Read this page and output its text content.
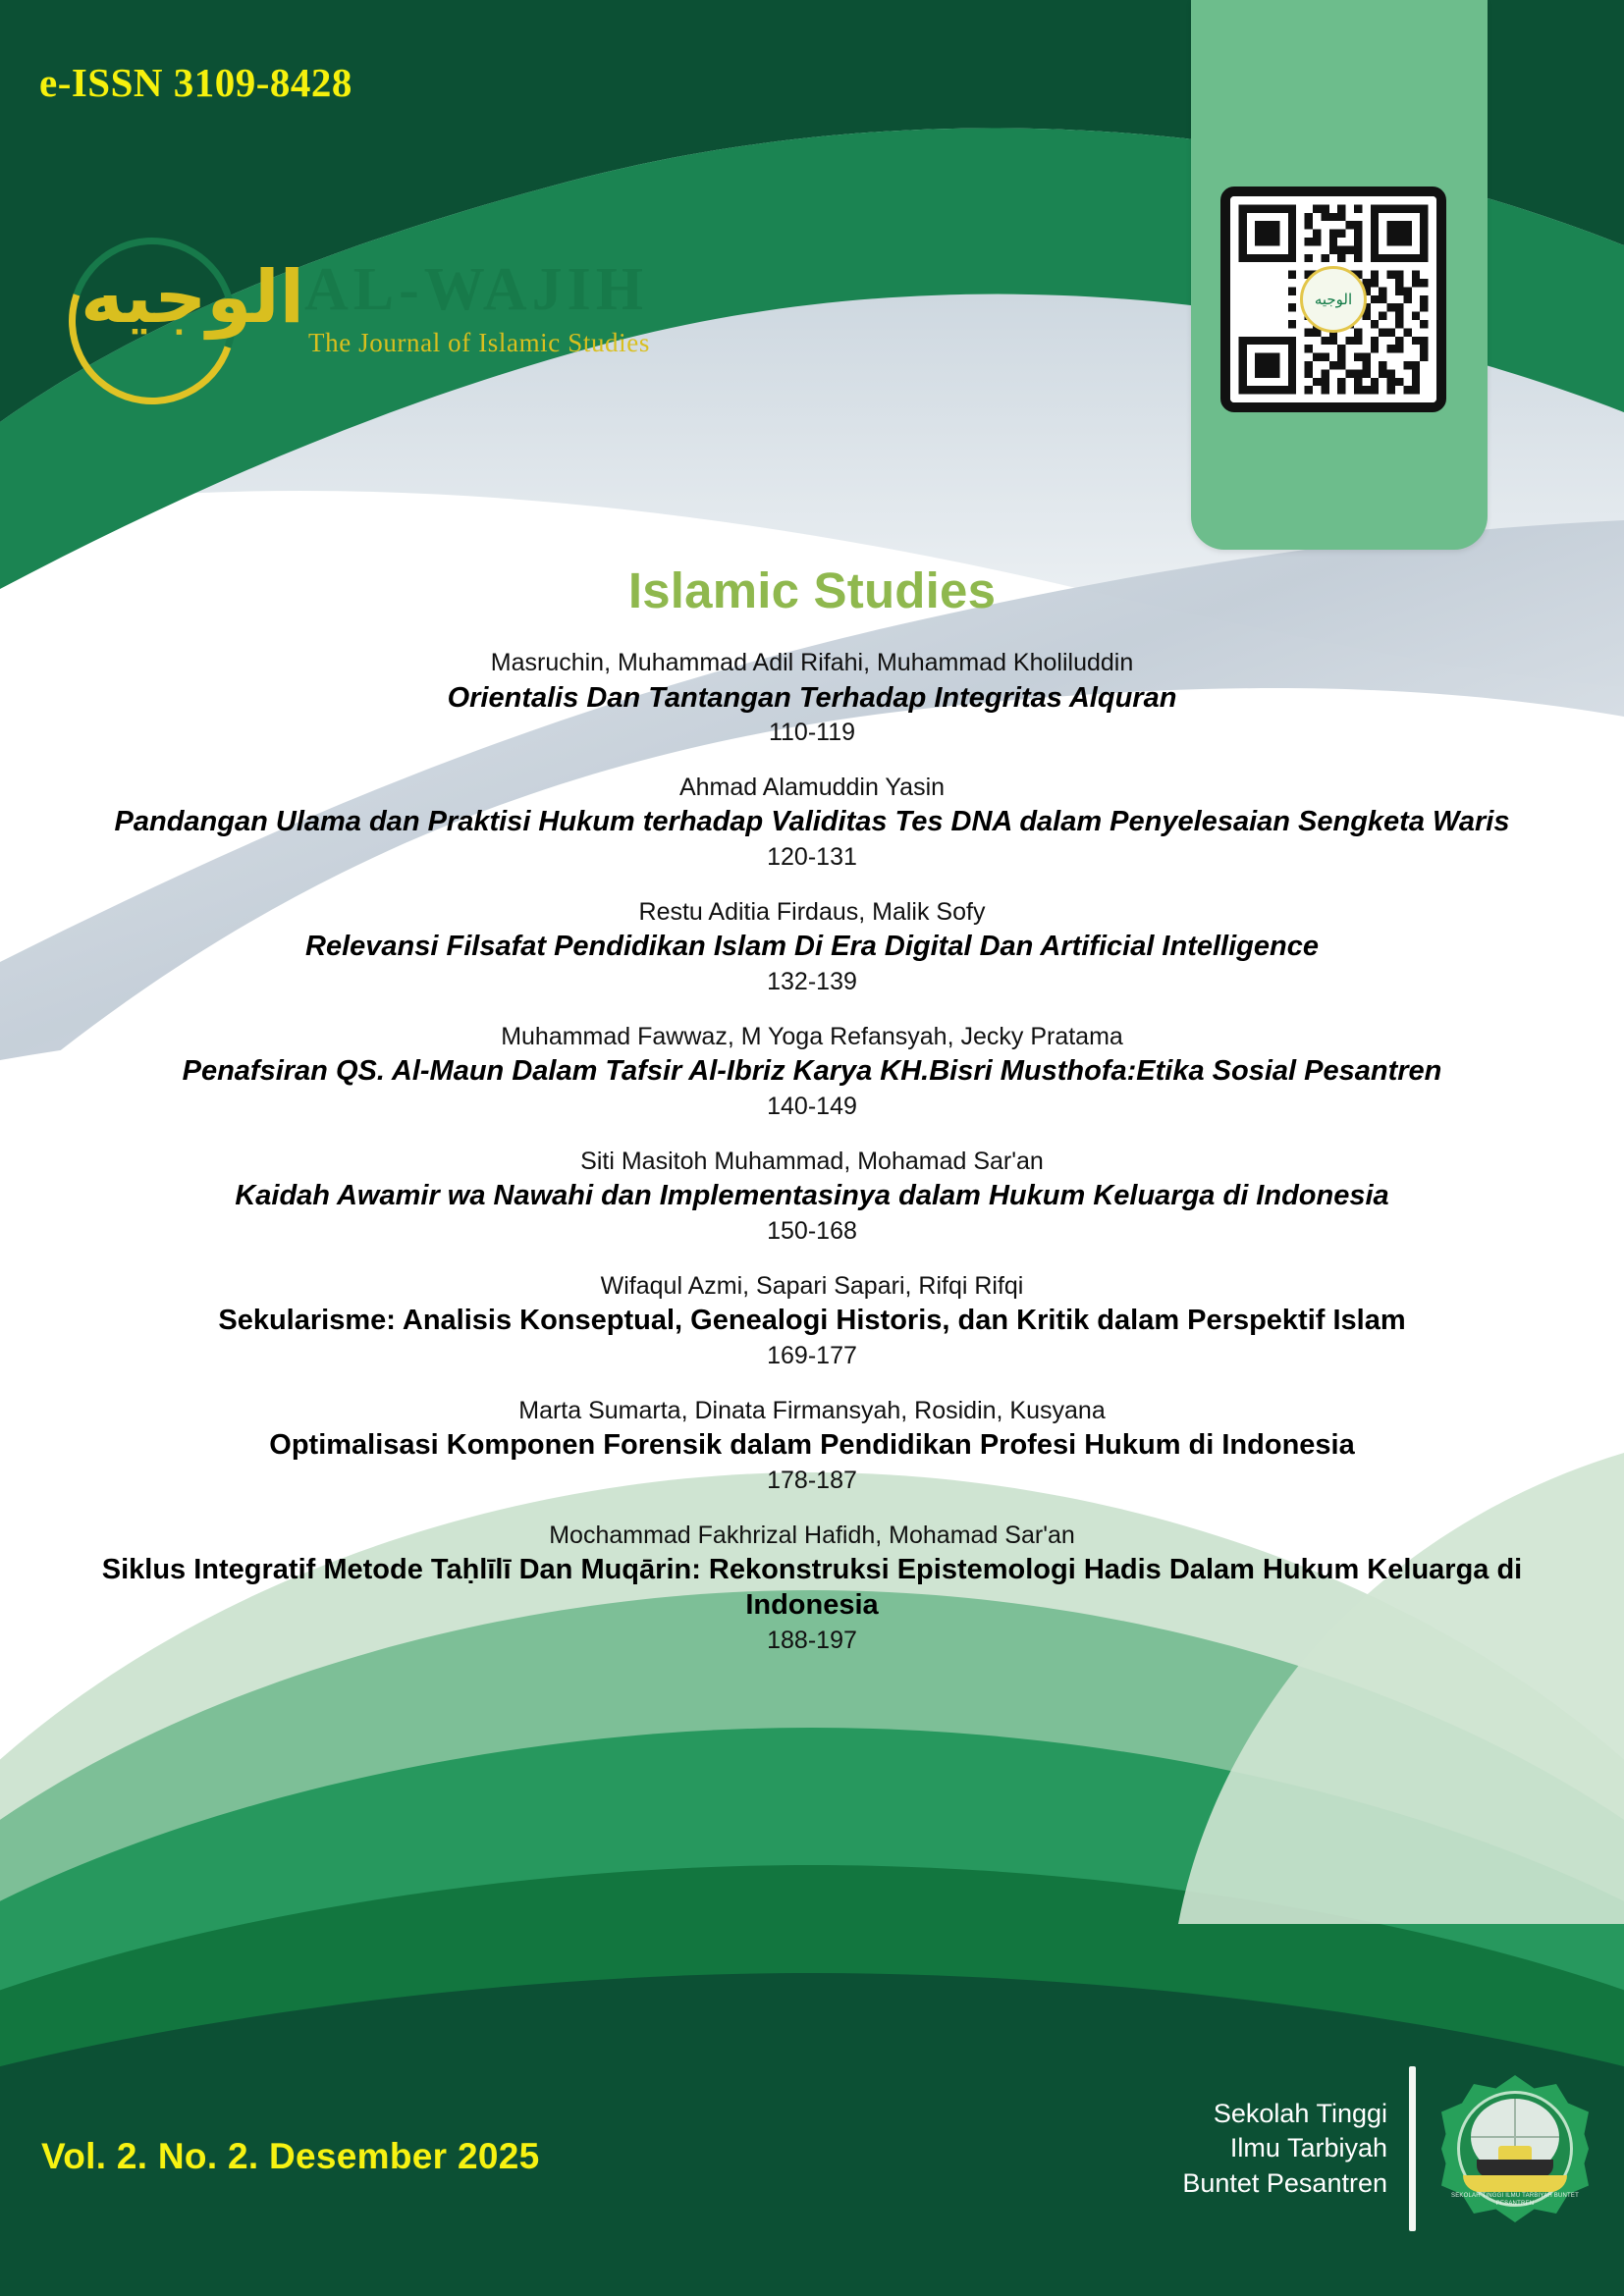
e-ISSN 3109-8428
الوجيه
الوجيه AL-WAJIH
The Journal of Islamic Studies
Islamic Studies
Masruchin, Muhammad Adil Rifahi, Muhammad Kholiluddin
Orientalis Dan Tantangan Terhadap Integritas Alquran
110-119
Ahmad Alamuddin Yasin
Pandangan Ulama dan Praktisi Hukum terhadap Validitas Tes DNA dalam Penyelesaian Sengketa Waris
120-131
Restu Aditia Firdaus, Malik Sofy
Relevansi Filsafat Pendidikan Islam Di Era Digital Dan Artificial Intelligence
132-139
Muhammad Fawwaz, M Yoga Refansyah, Jecky Pratama
Penafsiran QS. Al-Maun Dalam Tafsir Al-Ibriz Karya KH.Bisri Musthofa:Etika Sosial Pesantren
140-149
Siti Masitoh Muhammad, Mohamad Sar'an
Kaidah Awamir wa Nawahi dan Implementasinya dalam Hukum Keluarga di Indonesia
150-168
Wifaqul Azmi, Sapari Sapari, Rifqi Rifqi
Sekularisme: Analisis Konseptual, Genealogi Historis, dan Kritik dalam Perspektif Islam
169-177
Marta Sumarta, Dinata Firmansyah, Rosidin, Kusyana
Optimalisasi Komponen Forensik dalam Pendidikan Profesi Hukum di Indonesia
178-187
Mochammad Fakhrizal Hafidh, Mohamad Sar'an
Siklus Integratif Metode Taḥlīlī Dan Muqārin: Rekonstruksi Epistemologi Hadis Dalam Hukum Keluarga di Indonesia
188-197
Vol. 2. No. 2. Desember 2025
Sekolah Tinggi
Ilmu Tarbiyah
Buntet Pesantren	SEKOLAH TINGGI ILMU TARBIYAH BUNTET PESANTREN
